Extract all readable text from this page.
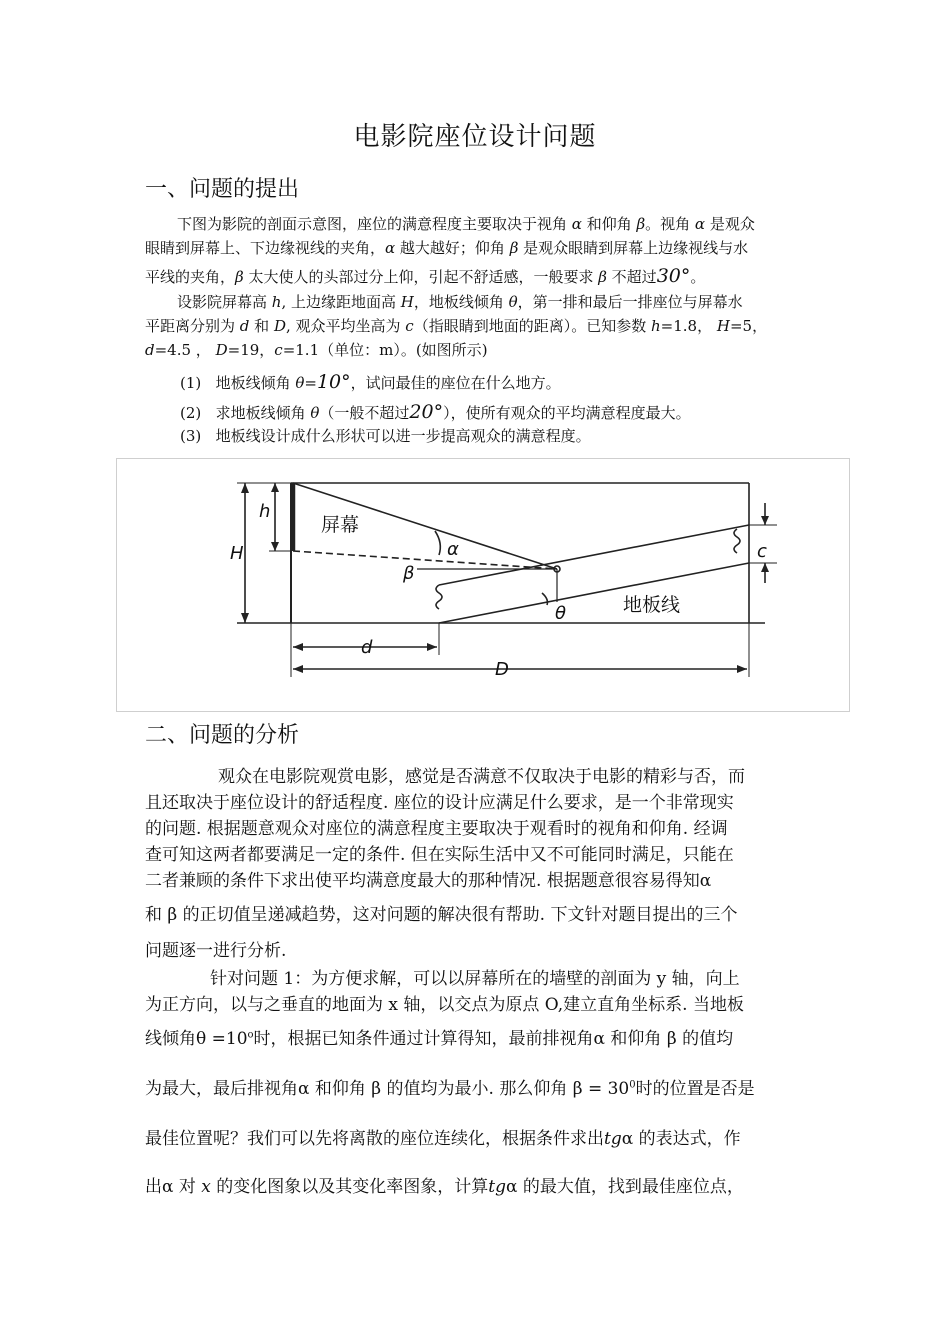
电影院座位设计问题
一、问题的提出
下图为影院的剖面示意图，座位的满意程度主要取决于视角 α 和仰角 β。视角 α 是观众
眼睛到屏幕上、下边缘视线的夹角，α 越大越好；仰角 β 是观众眼睛到屏幕上边缘视线与水
平线的夹角，β 太大使人的头部过分上仰，引起不舒适感，一般要求 β 不超过30°。
设影院屏幕高 h, 上边缘距地面高 H，地板线倾角 θ，第一排和最后一排座位与屏幕水
平距离分别为 d 和 D, 观众平均坐高为 c（指眼睛到地面的距离）。已知参数 h=1.8， H=5，
d=4.5 ， D=19，c=1.1（单位：m）。(如图所示)
(1) 地板线倾角 θ=10°，试问最佳的座位在什么地方。
(2) 求地板线倾角 θ（一般不超过20°），使所有观众的平均满意程度最大。
(3) 地板线设计成什么形状可以进一步提高观众的满意程度。
h
H
屏幕
α
β
θ
c
地板线
d
D
二、问题的分析
观众在电影院观赏电影，感觉是否满意不仅取决于电影的精彩与否，而
且还取决于座位设计的舒适程度. 座位的设计应满足什么要求，是一个非常现实
的问题. 根据题意观众对座位的满意程度主要取决于观看时的视角和仰角. 经调
查可知这两者都要满足一定的条件. 但在实际生活中又不可能同时满足，只能在
二者兼顾的条件下求出使平均满意度最大的那种情况. 根据题意很容易得知α
和 β 的正切值呈递减趋势，这对问题的解决很有帮助. 下文针对题目提出的三个
问题逐一进行分析.
针对问题 1：为方便求解，可以以屏幕所在的墙壁的剖面为 y 轴，向上
为正方向，以与之垂直的地面为 x 轴，以交点为原点 O,建立直角坐标系. 当地板
线倾角$\theta =10^o$时，根据已知条件通过计算得知，最前排视角α 和仰角 β 的值均
为最大，最后排视角α 和仰角 β 的值均为最小. 那么仰角 $\beta = 30^0$时的位置是否是
最佳位置呢？我们可以先将离散的座位连续化，根据条件求出tgα 的表达式，作
出α 对 x 的变化图象以及其变化率图象，计算tgα 的最大值，找到最佳座位点，
